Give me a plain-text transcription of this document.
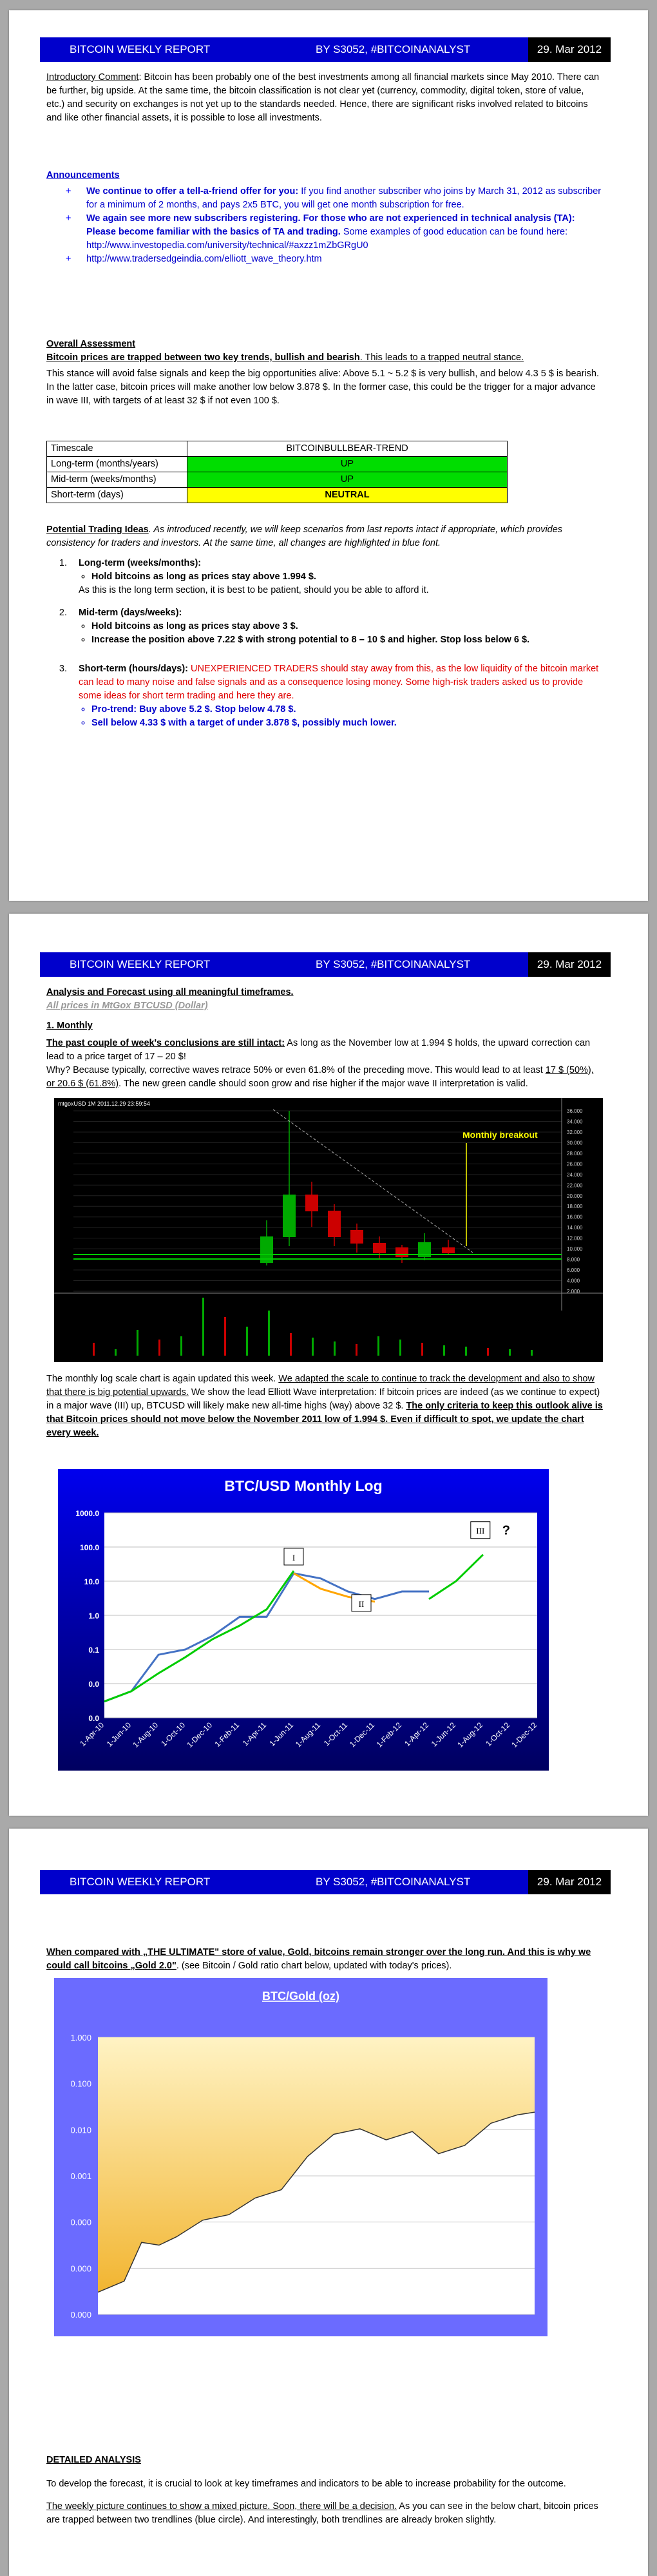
BITCOIN WEEKLY REPORT	BY S3052, #BITCOINANALYST	29. Mar 2012

Introductory Comment: Bitcoin has been probably one of the best investments among all financial markets since May 2010. There can be further, big upside. At the same time, the bitcoin classification is not clear yet (currency, commodity, digital token, store of value, etc.) and security on exchanges is not yet up to the standards needed. Hence, there are significant risks involved related to bitcoins and like other financial assets, it is possible to lose all investments.

Announcements

+ We continue to offer a tell-a-friend offer for you: If you find another subscriber who joins by March 31, 2012 as subscriber for a minimum of 2 months, and pays 2x5 BTC, you will get one month subscription for free.
+ We again see more new subscribers registering. For those who are not experienced in technical analysis (TA): Please become familiar with the basics of TA and trading. Some examples of good education can be found here:
http://www.investopedia.com/university/technical/#axzz1mZbGRgU0
+ http://www.tradersedgeindia.com/elliott_wave_theory.htm

Overall Assessment

Bitcoin prices are trapped between two key trends, bullish and bearish. This leads to a trapped neutral stance.

This stance will avoid false signals and keep the big opportunities alive: Above 5.1 ~ 5.2 $ is very bullish, and below 4.3 5 $ is bearish. In the latter case, bitcoin prices will make another low below 3.878 $. In the former case, this could be the trigger for a major advance in wave III, with targets of at least 32 $ if not even 100 $.

Timescale	BITCOINBULLBEAR-TREND
Long-term (months/years)	UP
Mid-term (weeks/months)	UP
Short-term (days)	NEUTRAL

Potential Trading Ideas. As introduced recently, we will keep scenarios from last reports intact if appropriate, which provides consistency for traders and investors. At the same time, all changes are highlighted in blue font.

1. Long-term (weeks/months):
◦ Hold bitcoins as long as prices stay above 1.994 $.
As this is the long term section, it is best to be patient, should you be able to afford it.
2. Mid-term (days/weeks):
◦ Hold bitcoins as long as prices stay above 3 $.
◦ Increase the position above 7.22 $ with strong potential to 8 – 10 $ and higher. Stop loss below 6 $.
3. Short-term (hours/days): UNEXPERIENCED TRADERS should stay away from this, as the low liquidity of the bitcoin market can lead to many noise and false signals and as a consequence losing money. Some high-risk traders asked us to provide some ideas for short term trading and here they are.
◦ Pro-trend: Buy above 5.2 $. Stop below 4.78 $.
◦ Sell below 4.33 $ with a target of under 3.878 $, possibly much lower.
BITCOIN WEEKLY REPORT	BY S3052, #BITCOINANALYST	29. Mar 2012

Analysis and Forecast using all meaningful timeframes.

All prices in MtGox BTCUSD (Dollar)

1. Monthly

The past couple of week's conclusions are still intact: As long as the November low at 1.994 $ holds, the upward correction can lead to a price target of 17 – 20 $!

Why? Because typically, corrective waves retrace 50% or even 61.8% of the preceding move. This would lead to at least 17 $ (50%), or 20.6 $ (61.8%). The new green candle should soon grow and rise higher if the major wave II interpretation is valid.

mtgoxUSD 1M 2011.12.29 23:59:54
Monthly breakout
36.000
34.000
32.000
30.000
28.000
26.000
24.000
22.000
20.000
18.000
16.000
14.000
12.000
10.000
8.000
6.000
4.000
2.000

The monthly log scale chart is again updated this week. We adapted the scale to continue to track the development and also to show that there is big potential upwards. We show the lead Elliott Wave interpretation: If bitcoin prices are indeed (as we continue to expect) in a major wave (III) up, BTCUSD will likely make new all-time highs (way) above 32 $. The only criteria to keep this outlook alive is that Bitcoin prices should not move below the November 2011 low of 1.994 $. Even if difficult to spot, we update the chart every week.

BTC/USD Monthly Log
1000.0
100.0
10.0
1.0
0.1
0.0
0.0
1-Apr-10
1-Jun-10
1-Aug-10 1-Oct-10
1-Dec-10
1-Feb-11 1-Apr-11 1-Jun-11
1-Aug-11 1-Oct-11
1-Dec-11
1-Feb-12 1-Apr-12
1-Jun-12
1-Aug-12 1-Oct-12
1-Dec-12
I
II
III ?
BITCOIN WEEKLY REPORT	BY S3052, #BITCOINANALYST	29. Mar 2012

When compared with „THE ULTIMATE" store of value, Gold, bitcoins remain stronger over the long run. And this is why we could call bitcoins „Gold 2.0". (see Bitcoin / Gold ratio chart below, updated with today's prices).

BTC/Gold (oz)
1.000
0.100
0.010
0.001
0.000
0.000
0.000

DETAILED ANALYSIS

To develop the forecast, it is crucial to look at key timeframes and indicators to be able to increase probability for the outcome.

The weekly picture continues to show a mixed picture. Soon, there will be a decision. As you can see in the below chart, bitcoin prices are trapped between two trendlines (blue circle). And interestingly, both trendlines are already broken slightly.
